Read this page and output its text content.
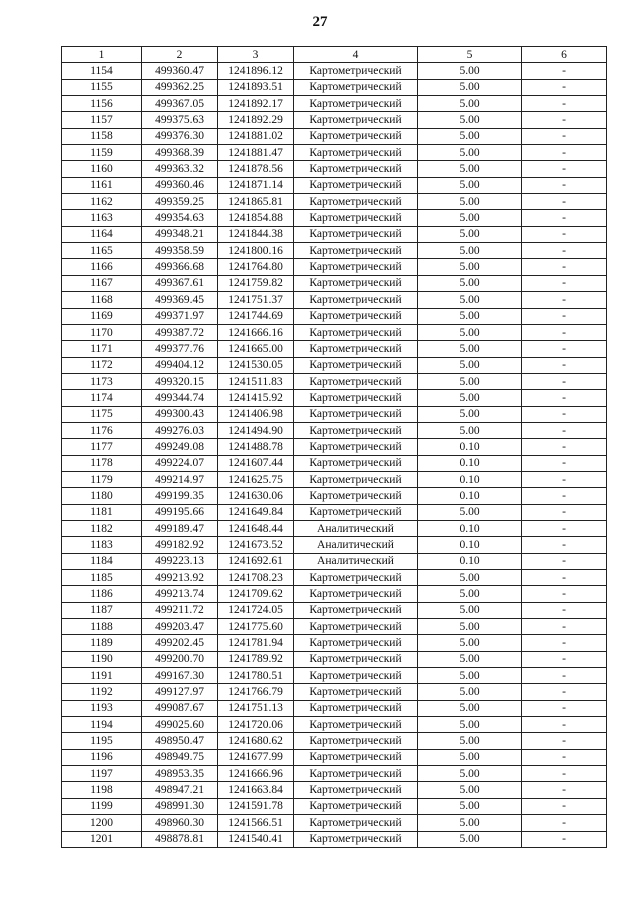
27
1	2	3	4	5	6
1154	499360.47	1241896.12	Картометрический	5.00	-
1155	499362.25	1241893.51	Картометрический	5.00	-
1156	499367.05	1241892.17	Картометрический	5.00	-
1157	499375.63	1241892.29	Картометрический	5.00	-
1158	499376.30	1241881.02	Картометрический	5.00	-
1159	499368.39	1241881.47	Картометрический	5.00	-
1160	499363.32	1241878.56	Картометрический	5.00	-
1161	499360.46	1241871.14	Картометрический	5.00	-
1162	499359.25	1241865.81	Картометрический	5.00	-
1163	499354.63	1241854.88	Картометрический	5.00	-
1164	499348.21	1241844.38	Картометрический	5.00	-
1165	499358.59	1241800.16	Картометрический	5.00	-
1166	499366.68	1241764.80	Картометрический	5.00	-
1167	499367.61	1241759.82	Картометрический	5.00	-
1168	499369.45	1241751.37	Картометрический	5.00	-
1169	499371.97	1241744.69	Картометрический	5.00	-
1170	499387.72	1241666.16	Картометрический	5.00	-
1171	499377.76	1241665.00	Картометрический	5.00	-
1172	499404.12	1241530.05	Картометрический	5.00	-
1173	499320.15	1241511.83	Картометрический	5.00	-
1174	499344.74	1241415.92	Картометрический	5.00	-
1175	499300.43	1241406.98	Картометрический	5.00	-
1176	499276.03	1241494.90	Картометрический	5.00	-
1177	499249.08	1241488.78	Картометрический	0.10	-
1178	499224.07	1241607.44	Картометрический	0.10	-
1179	499214.97	1241625.75	Картометрический	0.10	-
1180	499199.35	1241630.06	Картометрический	0.10	-
1181	499195.66	1241649.84	Картометрический	5.00	-
1182	499189.47	1241648.44	Аналитический	0.10	-
1183	499182.92	1241673.52	Аналитический	0.10	-
1184	499223.13	1241692.61	Аналитический	0.10	-
1185	499213.92	1241708.23	Картометрический	5.00	-
1186	499213.74	1241709.62	Картометрический	5.00	-
1187	499211.72	1241724.05	Картометрический	5.00	-
1188	499203.47	1241775.60	Картометрический	5.00	-
1189	499202.45	1241781.94	Картометрический	5.00	-
1190	499200.70	1241789.92	Картометрический	5.00	-
1191	499167.30	1241780.51	Картометрический	5.00	-
1192	499127.97	1241766.79	Картометрический	5.00	-
1193	499087.67	1241751.13	Картометрический	5.00	-
1194	499025.60	1241720.06	Картометрический	5.00	-
1195	498950.47	1241680.62	Картометрический	5.00	-
1196	498949.75	1241677.99	Картометрический	5.00	-
1197	498953.35	1241666.96	Картометрический	5.00	-
1198	498947.21	1241663.84	Картометрический	5.00	-
1199	498991.30	1241591.78	Картометрический	5.00	-
1200	498960.30	1241566.51	Картометрический	5.00	-
1201	498878.81	1241540.41	Картометрический	5.00	-
